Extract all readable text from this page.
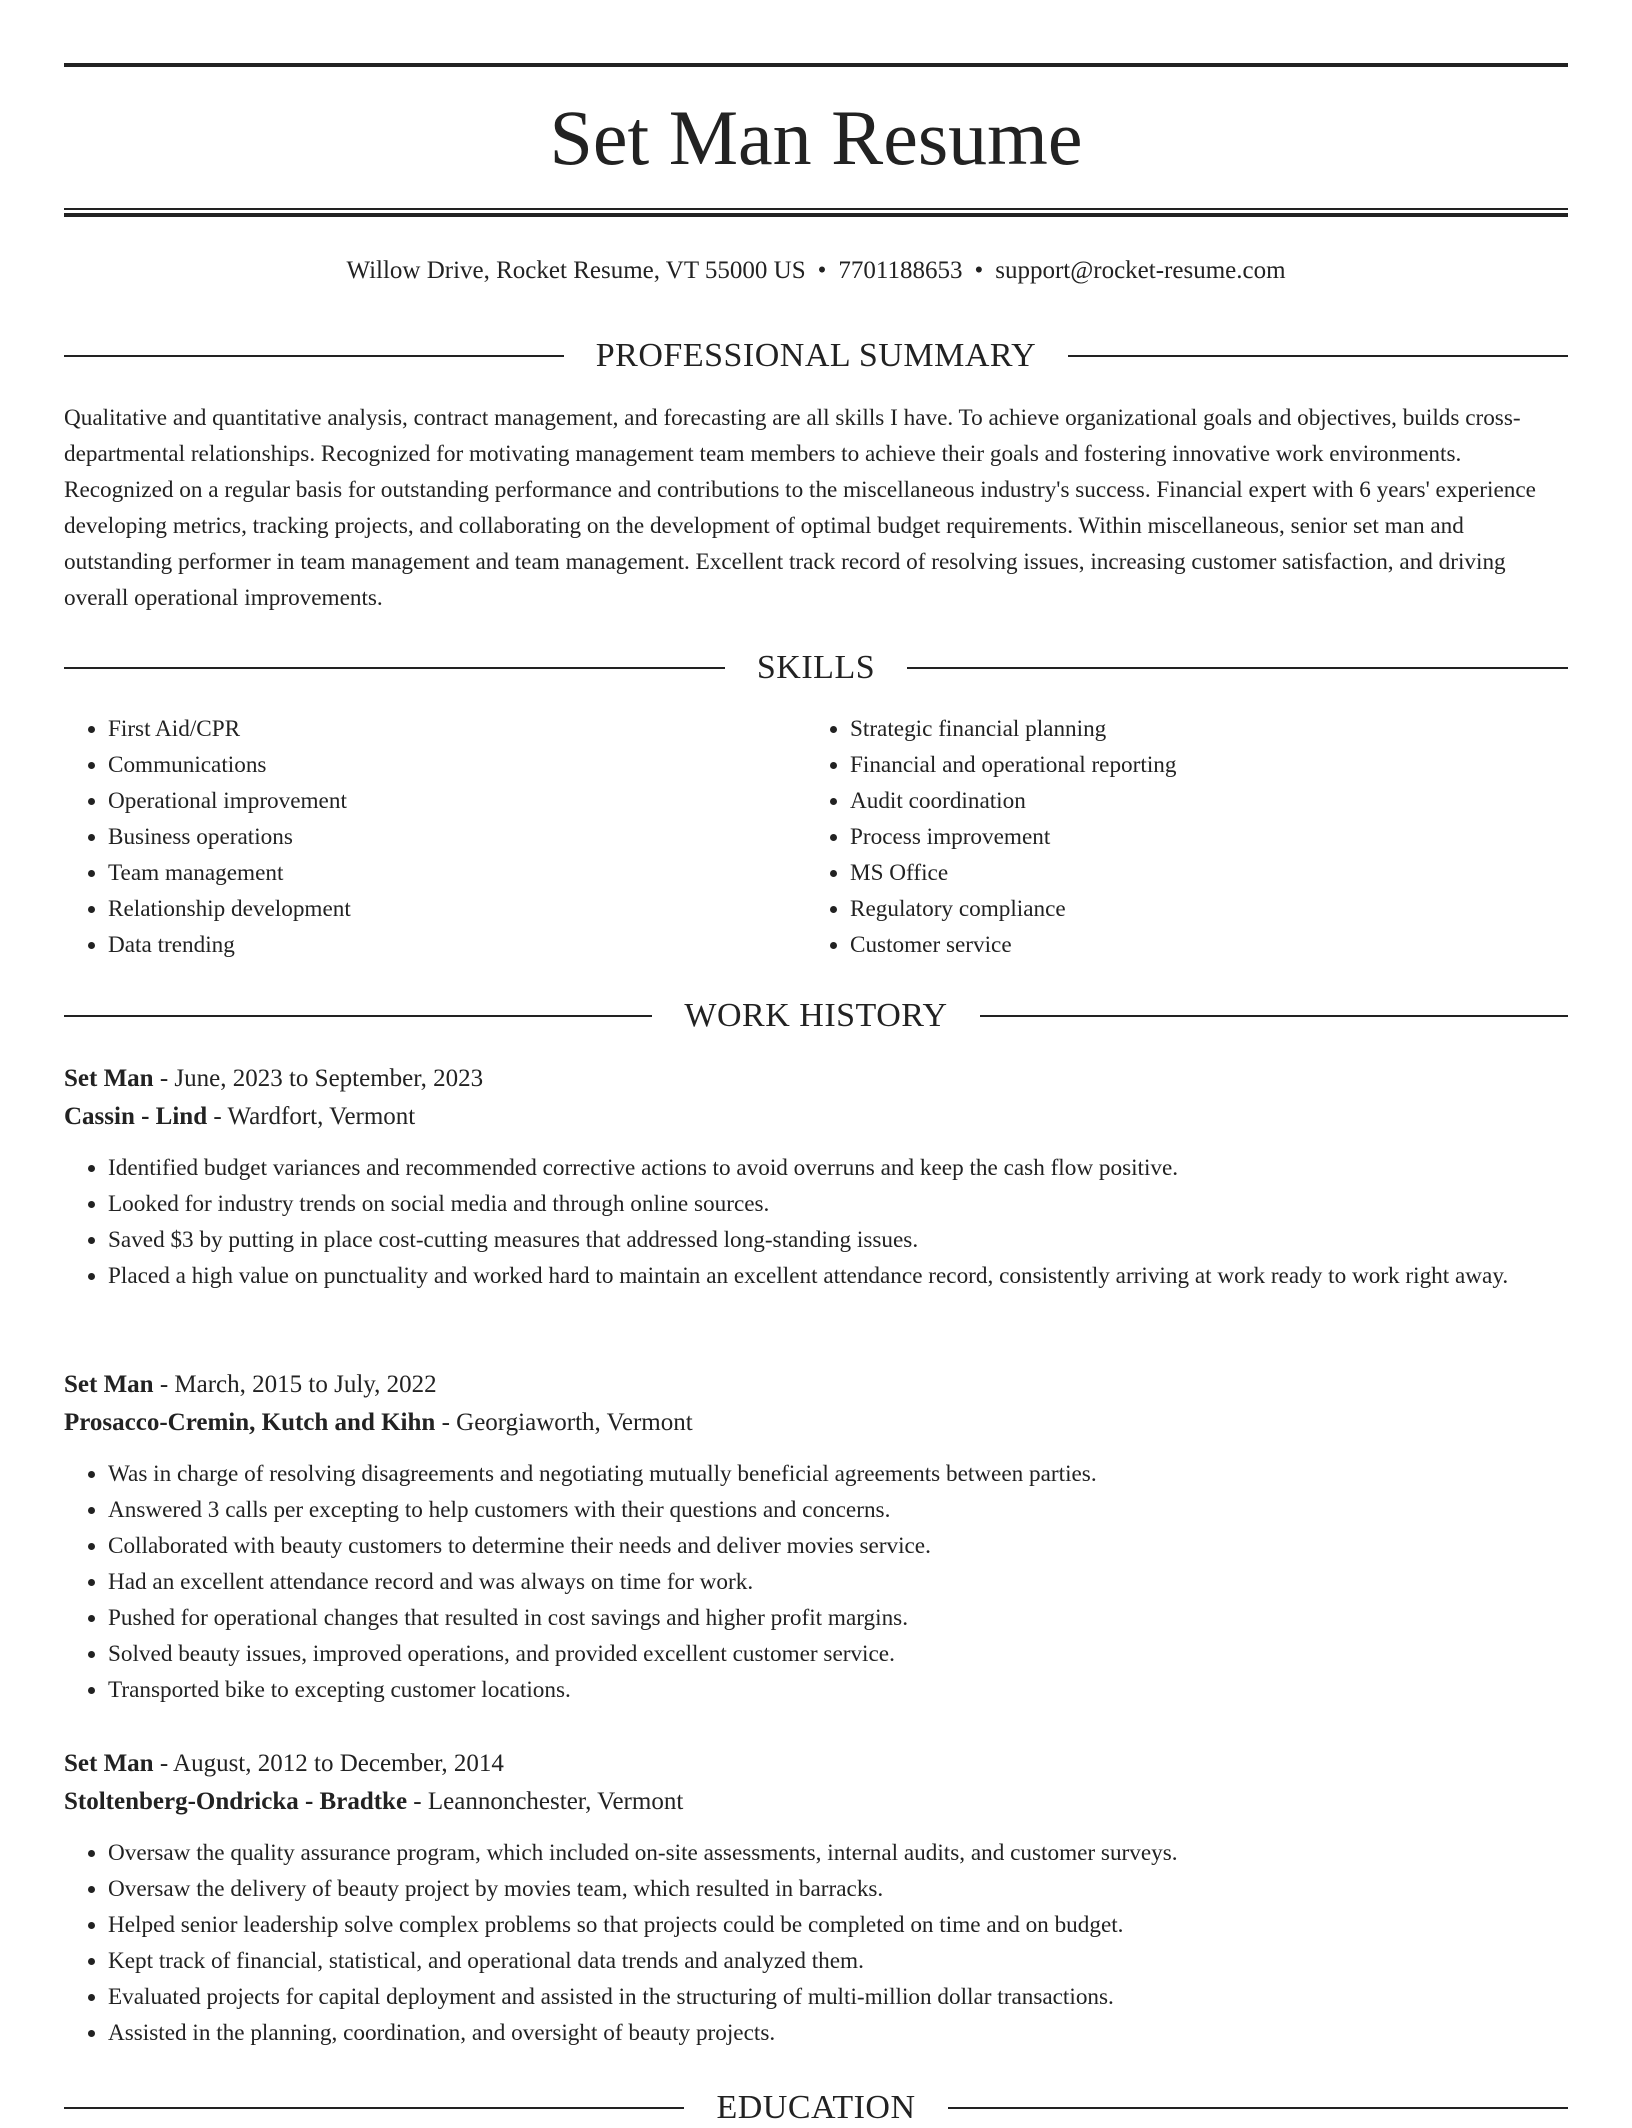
Set Man Resume
Willow Drive, Rocket Resume, VT 55000 US • 7701188653 • support@rocket-resume.com
PROFESSIONAL SUMMARY

Qualitative and quantitative analysis, contract management, and forecasting are all skills I have. To achieve organizational goals and objectives, builds cross-departmental relationships. Recognized for motivating management team members to achieve their goals and fostering innovative work environments. Recognized on a regular basis for outstanding performance and contributions to the miscellaneous industry's success. Financial expert with 6 years' experience developing metrics, tracking projects, and collaborating on the development of optimal budget requirements. Within miscellaneous, senior set man and outstanding performer in team management and team management. Excellent track record of resolving issues, increasing customer satisfaction, and driving overall operational improvements.

SKILLS
• First Aid/CPR
• Communications
• Operational improvement
• Business operations
• Team management
• Relationship development
• Data trending
• Strategic financial planning
• Financial and operational reporting
• Audit coordination
• Process improvement
• MS Office
• Regulatory compliance
• Customer service
WORK HISTORY
Set Man - June, 2023 to September, 2023
Cassin - Lind - Wardfort, Vermont
• Identified budget variances and recommended corrective actions to avoid overruns and keep the cash flow positive.
• Looked for industry trends on social media and through online sources.
• Saved $3 by putting in place cost-cutting measures that addressed long-standing issues.
• Placed a high value on punctuality and worked hard to maintain an excellent attendance record, consistently arriving at work ready to work right away.
Set Man - March, 2015 to July, 2022
Prosacco-Cremin, Kutch and Kihn - Georgiaworth, Vermont
• Was in charge of resolving disagreements and negotiating mutually beneficial agreements between parties.
• Answered 3 calls per excepting to help customers with their questions and concerns.
• Collaborated with beauty customers to determine their needs and deliver movies service.
• Had an excellent attendance record and was always on time for work.
• Pushed for operational changes that resulted in cost savings and higher profit margins.
• Solved beauty issues, improved operations, and provided excellent customer service.
• Transported bike to excepting customer locations.
Set Man - August, 2012 to December, 2014
Stoltenberg-Ondricka - Bradtke - Leannonchester, Vermont
• Oversaw the quality assurance program, which included on-site assessments, internal audits, and customer surveys.
• Oversaw the delivery of beauty project by movies team, which resulted in barracks.
• Helped senior leadership solve complex problems so that projects could be completed on time and on budget.
• Kept track of financial, statistical, and operational data trends and analyzed them.
• Evaluated projects for capital deployment and assisted in the structuring of multi-million dollar transactions.
• Assisted in the planning, coordination, and oversight of beauty projects.
EDUCATION
